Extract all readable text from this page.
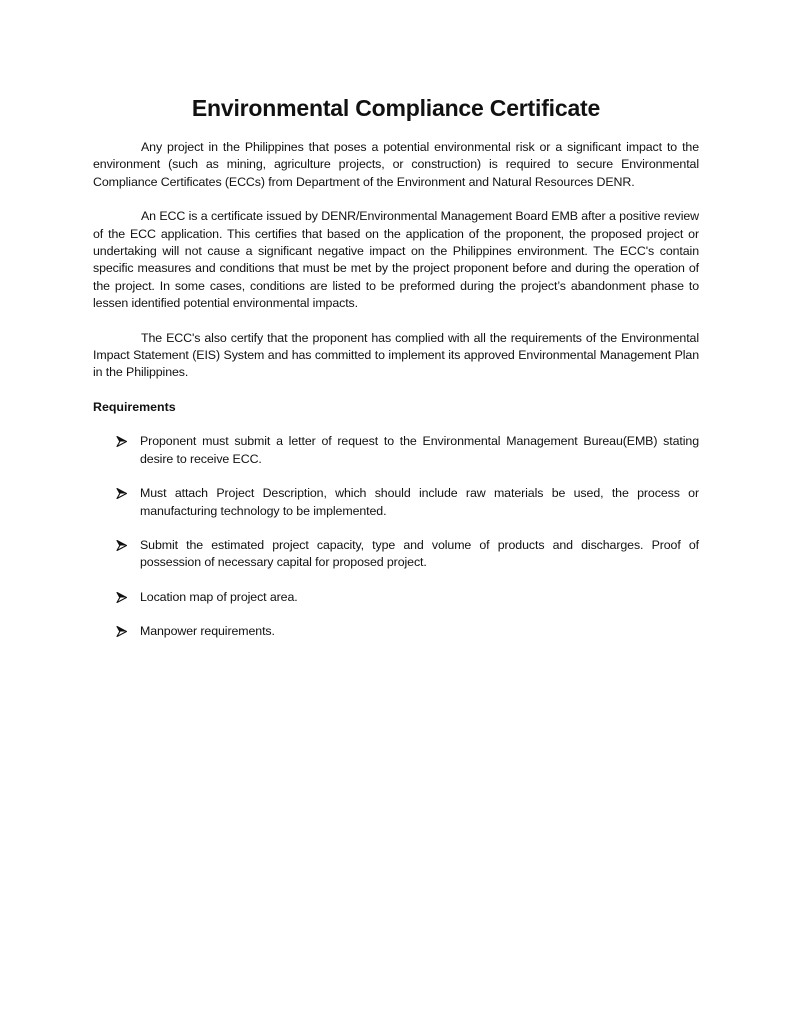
Environmental Compliance Certificate

Any project in the Philippines that poses a potential environmental risk or a significant impact to the environment (such as mining, agriculture projects, or construction) is required to secure Environmental Compliance Certificates (ECCs) from Department of the Environment and Natural Resources DENR.

An ECC is a certificate issued by DENR/Environmental Management Board EMB after a positive review of the ECC application. This certifies that based on the application of the proponent, the proposed project or undertaking will not cause a significant negative impact on the Philippines environment. The ECC's contain specific measures and conditions that must be met by the project proponent before and during the operation of the project. In some cases, conditions are listed to be preformed during the project’s abandonment phase to lessen identified potential environmental impacts.

The ECC's also certify that the proponent has complied with all the requirements of the Environmental Impact Statement (EIS) System and has committed to implement its approved Environmental Management Plan in the Philippines.

Requirements

Proponent must submit a letter of request to the Environmental Management Bureau(EMB) stating desire to receive ECC.
Must attach Project Description, which should include raw materials be used, the process or manufacturing technology to be implemented.
Submit the estimated project capacity, type and volume of products and discharges. Proof of possession of necessary capital for proposed project.
Location map of project area.
Manpower requirements.
